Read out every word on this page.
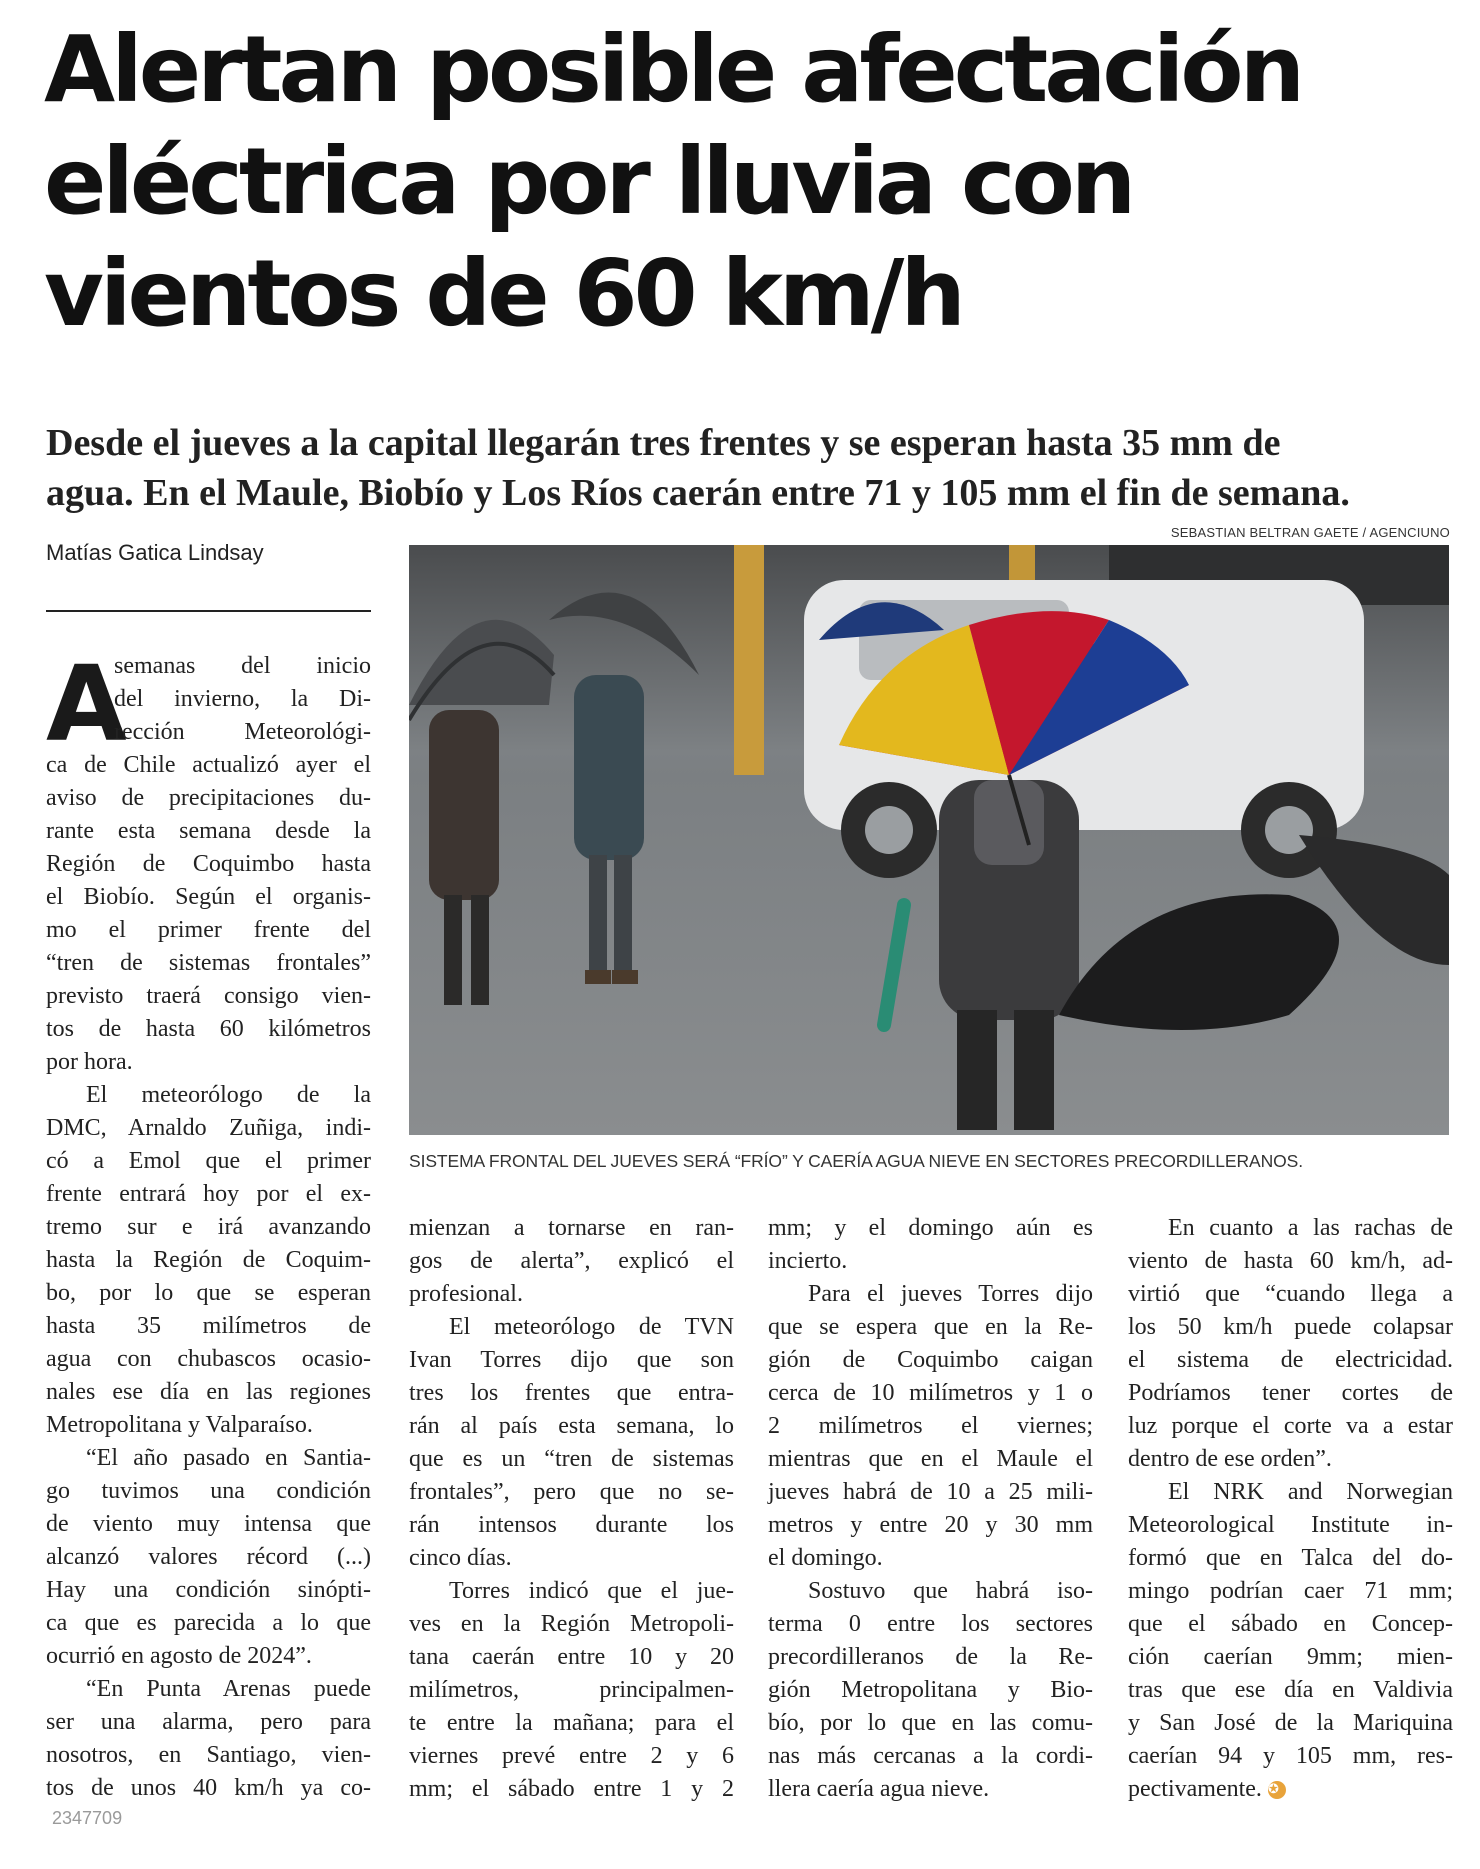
Alertan posible afectación
eléctrica por lluvia con
vientos de 60 km/h

Desde el jueves a la capital llegarán tres frentes y se esperan hasta 35 mm de
agua. En el Maule, Biobío y Los Ríos caerán entre 71 y 105 mm el fin de semana.

SEBASTIAN BELTRAN GAETE / AGENCIUNO
Matías Gatica Lindsay
SISTEMA FRONTAL DEL JUEVES SERÁ “FRÍO” Y CAERÍA AGUA NIEVE EN SECTORES PRECORDILLERANOS.
A
semanas del inicio
del invierno, la Di-
rección Meteorológi-
ca de Chile actualizó ayer el
aviso de precipitaciones du-
rante esta semana desde la
Región de Coquimbo hasta
el Biobío. Según el organis-
mo el primer frente del
“tren de sistemas frontales”
previsto traerá consigo vien-
tos de hasta 60 kilómetros
por hora.
El meteorólogo de la
DMC, Arnaldo Zuñiga, indi-
có a Emol que el primer
frente entrará hoy por el ex-
tremo sur e irá avanzando
hasta la Región de Coquim-
bo, por lo que se esperan
hasta 35 milímetros de
agua con chubascos ocasio-
nales ese día en las regiones
Metropolitana y Valparaíso.
“El año pasado en Santia-
go tuvimos una condición
de viento muy intensa que
alcanzó valores récord (...)
Hay una condición sinópti-
ca que es parecida a lo que
ocurrió en agosto de 2024”.
“En Punta Arenas puede
ser una alarma, pero para
nosotros, en Santiago, vien-
tos de unos 40 km/h ya co-
mienzan a tornarse en ran-
gos de alerta”, explicó el
profesional.
El meteorólogo de TVN
Ivan Torres dijo que son
tres los frentes que entra-
rán al país esta semana, lo
que es un “tren de sistemas
frontales”, pero que no se-
rán intensos durante los
cinco días.
Torres indicó que el jue-
ves en la Región Metropoli-
tana caerán entre 10 y 20
milímetros, principalmen-
te entre la mañana; para el
viernes prevé entre 2 y 6
mm; el sábado entre 1 y 2
mm; y el domingo aún es
incierto.
Para el jueves Torres dijo
que se espera que en la Re-
gión de Coquimbo caigan
cerca de 10 milímetros y 1 o
2 milímetros el viernes;
mientras que en el Maule el
jueves habrá de 10 a 25 mili-
metros y entre 20 y 30 mm
el domingo.
Sostuvo que habrá iso-
terma 0 entre los sectores
precordilleranos de la Re-
gión Metropolitana y Bio-
bío, por lo que en las comu-
nas más cercanas a la cordi-
llera caería agua nieve.
En cuanto a las rachas de
viento de hasta 60 km/h, ad-
virtió que “cuando llega a
los 50 km/h puede colapsar
el sistema de electricidad.
Podríamos tener cortes de
luz porque el corte va a estar
dentro de ese orden”.
El NRK and Norwegian
Meteorological Institute in-
formó que en Talca del do-
mingo podrían caer 71 mm;
que el sábado en Concep-
ción caerían 9mm; mien-
tras que ese día en Valdivia
y San José de la Mariquina
caerían 94 y 105 mm, res-
pectivamente. ✪
2347709
